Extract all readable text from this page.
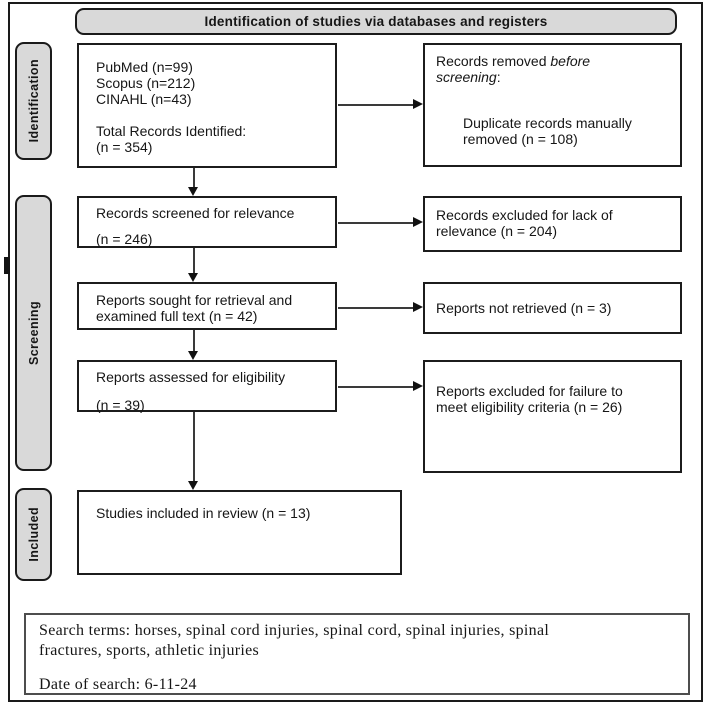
Identification of studies via databases and registers
Identification
Screening
Included
PubMed (n=99)
Scopus (n=212)
CINAHL (n=43)
Total Records Identified:
(n = 354)
Records removed before
screening:
Duplicate records manually
removed (n = 108)
Records screened for relevance
(n = 246)
Records excluded for lack of
relevance (n = 204)
Reports sought for retrieval and
examined full text (n = 42)	Reports not retrieved (n = 3)
Reports assessed for eligibility
(n = 39)
Reports excluded for failure to
meet eligibility criteria (n = 26)
Studies included in review (n = 13)
Search terms: horses, spinal cord injuries, spinal cord, spinal injuries, spinal
fractures, sports, athletic injuries
Date of search: 6-11-24
